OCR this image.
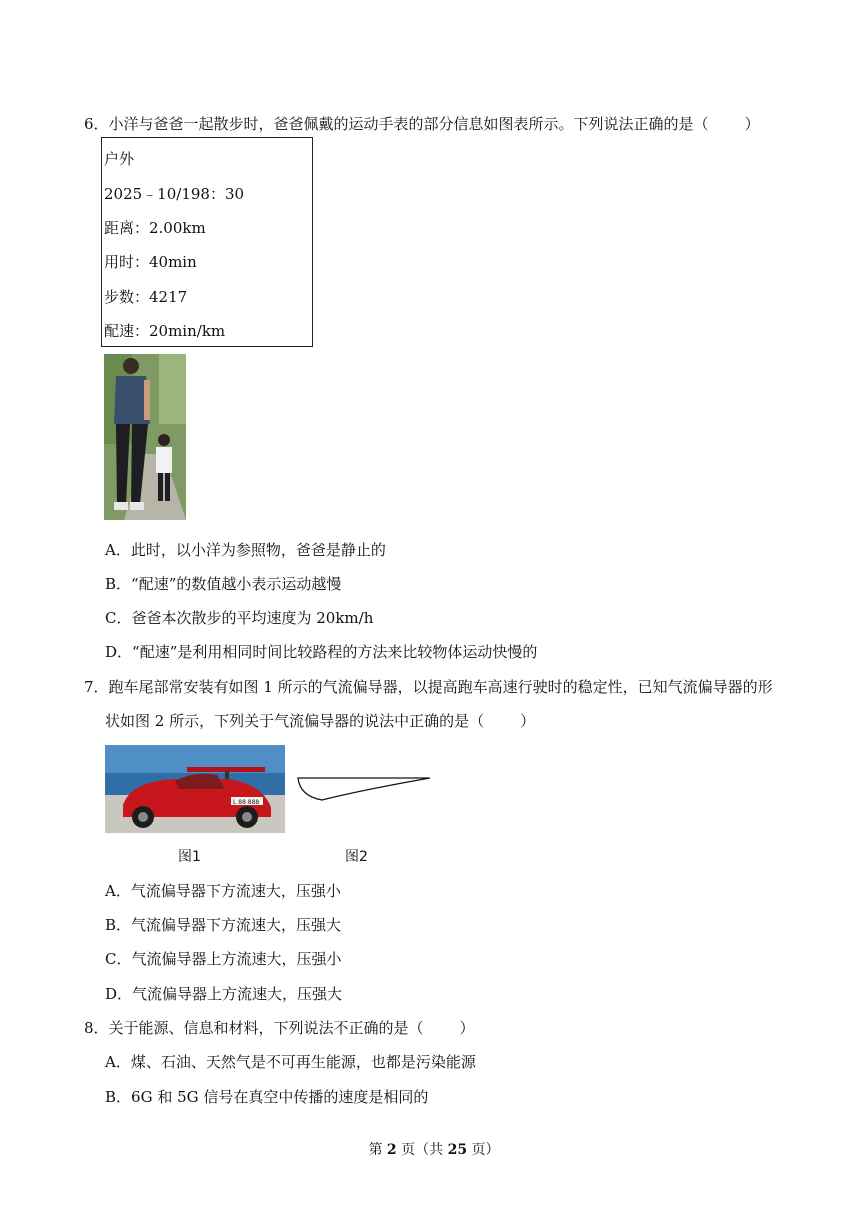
6．小洋与爸爸一起散步时，爸爸佩戴的运动手表的部分信息如图表所示。下列说法正确的是（ ）
户外
2025﹣10/198：30
距离：2.00km
用时：40min
步数：4217
配速：20min/km
A．此时，以小洋为参照物，爸爸是静止的
B．“配速”的数值越小表示运动越慢
C．爸爸本次散步的平均速度为 20km/h
D．“配速”是利用相同时间比较路程的方法来比较物体运动快慢的
7．跑车尾部常安装有如图 1 所示的气流偏导器，以提高跑车高速行驶时的稳定性，已知气流偏导器的形
状如图 2 所示，下列关于气流偏导器的说法中正确的是（ ）
L 88 888
图1	图2
A．气流偏导器下方流速大，压强小
B．气流偏导器下方流速大，压强大
C．气流偏导器上方流速大，压强小
D．气流偏导器上方流速大，压强大
8．关于能源、信息和材料，下列说法不正确的是（ ）
A．煤、石油、天然气是不可再生能源，也都是污染能源
B．6G 和 5G 信号在真空中传播的速度是相同的
第 2 页（共 25 页）
